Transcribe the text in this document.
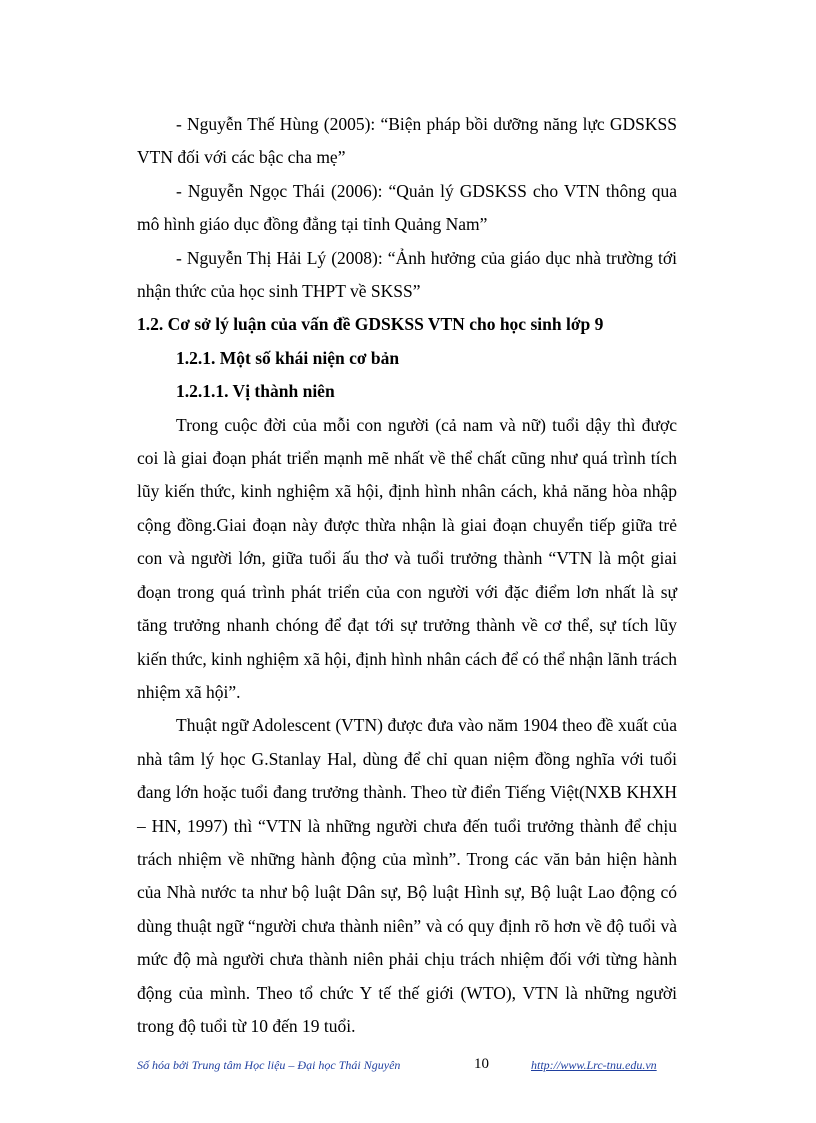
- Nguyễn Thế Hùng (2005): “Biện pháp bồi dưỡng năng lực GDSKSS VTN đối với các bậc cha mẹ”

- Nguyễn Ngọc Thái (2006): “Quản lý GDSKSS cho VTN thông qua mô hình giáo dục đồng đẳng tại tỉnh Quảng Nam”

- Nguyễn Thị Hải Lý (2008): “Ảnh hưởng của giáo dục nhà trường tới nhận thức của học sinh THPT về SKSS”

1.2. Cơ sở lý luận của vấn đề GDSKSS VTN cho học sinh lớp 9

1.2.1. Một số khái niện cơ bản

1.2.1.1. Vị thành niên

Trong cuộc đời của mỗi con người (cả nam và nữ) tuổi dậy thì được coi là giai đoạn phát triển mạnh mẽ nhất về thể chất cũng như quá trình tích lũy kiến thức, kinh nghiệm xã hội, định hình nhân cách, khả năng hòa nhập cộng đồng.Giai đoạn này được thừa nhận là giai đoạn chuyển tiếp giữa trẻ con và người lớn, giữa tuổi ấu thơ và tuổi trưởng thành “VTN là một giai đoạn trong quá trình phát triển của con người với đặc điểm lơn nhất là sự tăng trưởng nhanh chóng để đạt tới sự trưởng thành về cơ thể, sự tích lũy kiến thức, kinh nghiệm xã hội, định hình nhân cách để có thể nhận lãnh trách nhiệm xã hội”.

Thuật ngữ Adolescent (VTN) được đưa vào năm 1904 theo đề xuất của nhà tâm lý học G.Stanlay Hal, dùng để chỉ quan niệm đồng nghĩa với tuổi đang lớn hoặc tuổi đang trưởng thành. Theo từ điển Tiếng Việt(NXB KHXH – HN, 1997) thì “VTN là những người chưa đến tuổi trưởng thành để chịu trách nhiệm về những hành động của mình”. Trong các văn bản hiện hành của Nhà nước ta như bộ luật Dân sự, Bộ luật Hình sự, Bộ luật Lao động có dùng thuật ngữ “người chưa thành niên” và có quy định rõ hơn về độ tuổi và mức độ mà người chưa thành niên phải chịu trách nhiệm đối với từng hành động của mình. Theo tổ chức Y tế thế giới (WTO), VTN là những người trong độ tuổi từ 10 đến 19 tuổi.

Số hóa bởi Trung tâm Học liệu – Đại học Thái Nguyên	10	http://www.Lrc-tnu.edu.vn
